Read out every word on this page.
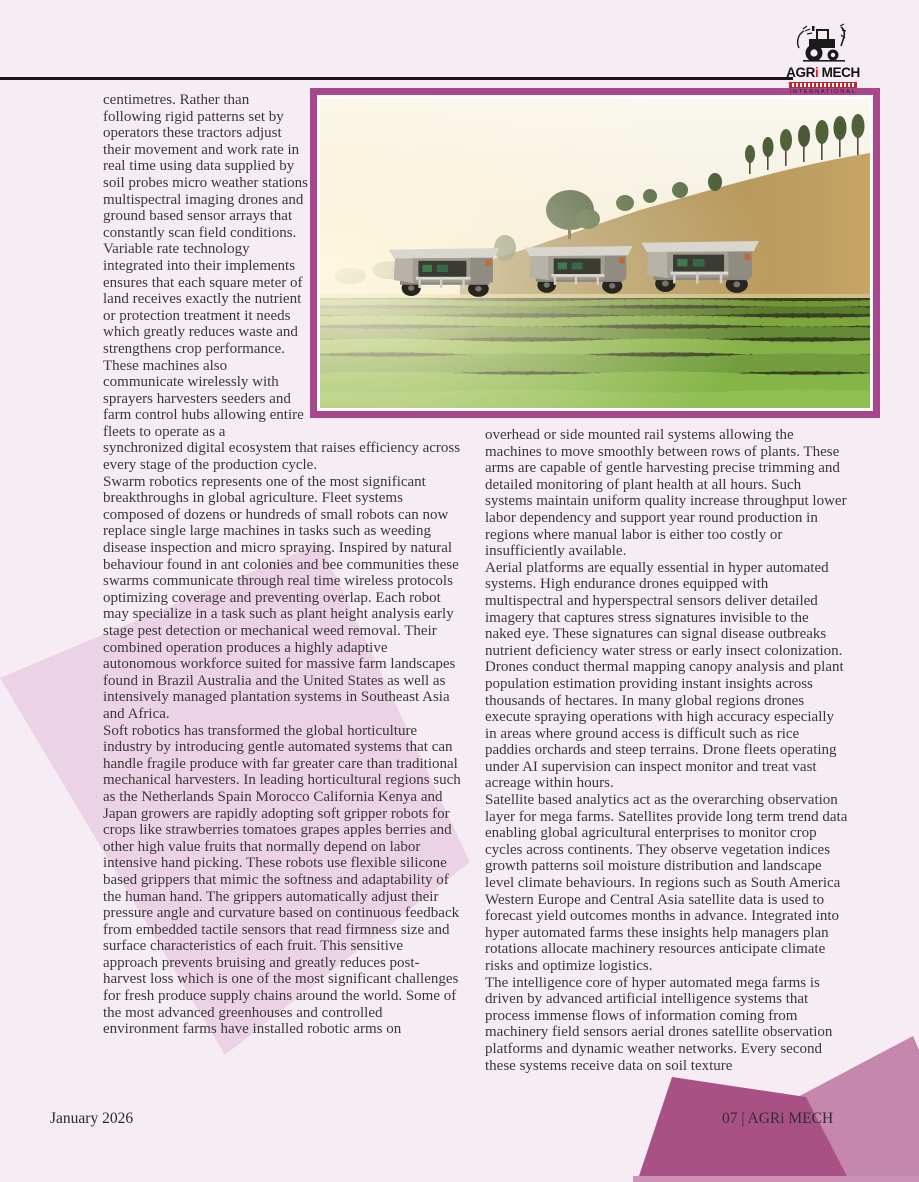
AGRi MECH
INTERNATIONAL

centimetres. Rather than following rigid patterns set by operators these tractors adjust their movement and work rate in real time using data supplied by soil probes micro weather stations multispectral imaging drones and ground based sensor arrays that constantly scan field conditions. Variable rate technology integrated into their implements ensures that each square meter of land receives exactly the nutrient or protection treatment it needs which greatly reduces waste and strengthens crop performance. These machines also communicate wirelessly with sprayers harvesters seeders and farm control hubs allowing entire fleets to operate as a synchronized digital ecosystem that raises efficiency across every stage of the production cycle.

Swarm robotics represents one of the most significant breakthroughs in global agriculture. Fleet systems composed of dozens or hundreds of small robots can now replace single large machines in tasks such as weeding disease inspection and micro spraying. Inspired by natural behaviour found in ant colonies and bee communities these swarms communicate through real time wireless protocols optimizing coverage and preventing overlap. Each robot may specialize in a task such as plant height analysis early stage pest detection or mechanical weed removal. Their combined operation produces a highly adaptive autonomous workforce suited for massive farm landscapes found in Brazil Australia and the United States as well as intensively managed plantation systems in Southeast Asia and Africa.

Soft robotics has transformed the global horticulture industry by introducing gentle automated systems that can handle fragile produce with far greater care than traditional mechanical harvesters. In leading horticultural regions such as the Netherlands Spain Morocco California Kenya and Japan growers are rapidly adopting soft gripper robots for crops like strawberries tomatoes grapes apples berries and other high value fruits that normally depend on labor intensive hand picking. These robots use flexible silicone based grippers that mimic the softness and adaptability of the human hand. The grippers automatically adjust their pressure angle and curvature based on continuous feedback from embedded tactile sensors that read firmness size and surface characteristics of each fruit. This sensitive approach prevents bruising and greatly reduces post-harvest loss which is one of the most significant challenges for fresh produce supply chains around the world. Some of the most advanced greenhouses and controlled environment farms have installed robotic arms on

overhead or side mounted rail systems allowing the machines to move smoothly between rows of plants. These arms are capable of gentle harvesting precise trimming and detailed monitoring of plant health at all hours. Such systems maintain uniform quality increase throughput lower labor dependency and support year round production in regions where manual labor is either too costly or insufficiently available.

Aerial platforms are equally essential in hyper automated systems. High endurance drones equipped with multispectral and hyperspectral sensors deliver detailed imagery that captures stress signatures invisible to the naked eye. These signatures can signal disease outbreaks nutrient deficiency water stress or early insect colonization. Drones conduct thermal mapping canopy analysis and plant population estimation providing instant insights across thousands of hectares. In many global regions drones execute spraying operations with high accuracy especially in areas where ground access is difficult such as rice paddies orchards and steep terrains. Drone fleets operating under AI supervision can inspect monitor and treat vast acreage within hours.

Satellite based analytics act as the overarching observation layer for mega farms. Satellites provide long term trend data enabling global agricultural enterprises to monitor crop cycles across continents. They observe vegetation indices growth patterns soil moisture distribution and landscape level climate behaviours. In regions such as South America Western Europe and Central Asia satellite data is used to forecast yield outcomes months in advance. Integrated into hyper automated farms these insights help managers plan rotations allocate machinery resources anticipate climate risks and optimize logistics.

The intelligence core of hyper automated mega farms is driven by advanced artificial intelligence systems that process immense flows of information coming from machinery field sensors aerial drones satellite observation platforms and dynamic weather networks. Every second these systems receive data on soil texture

January 2026	07 | AGRi MECH
